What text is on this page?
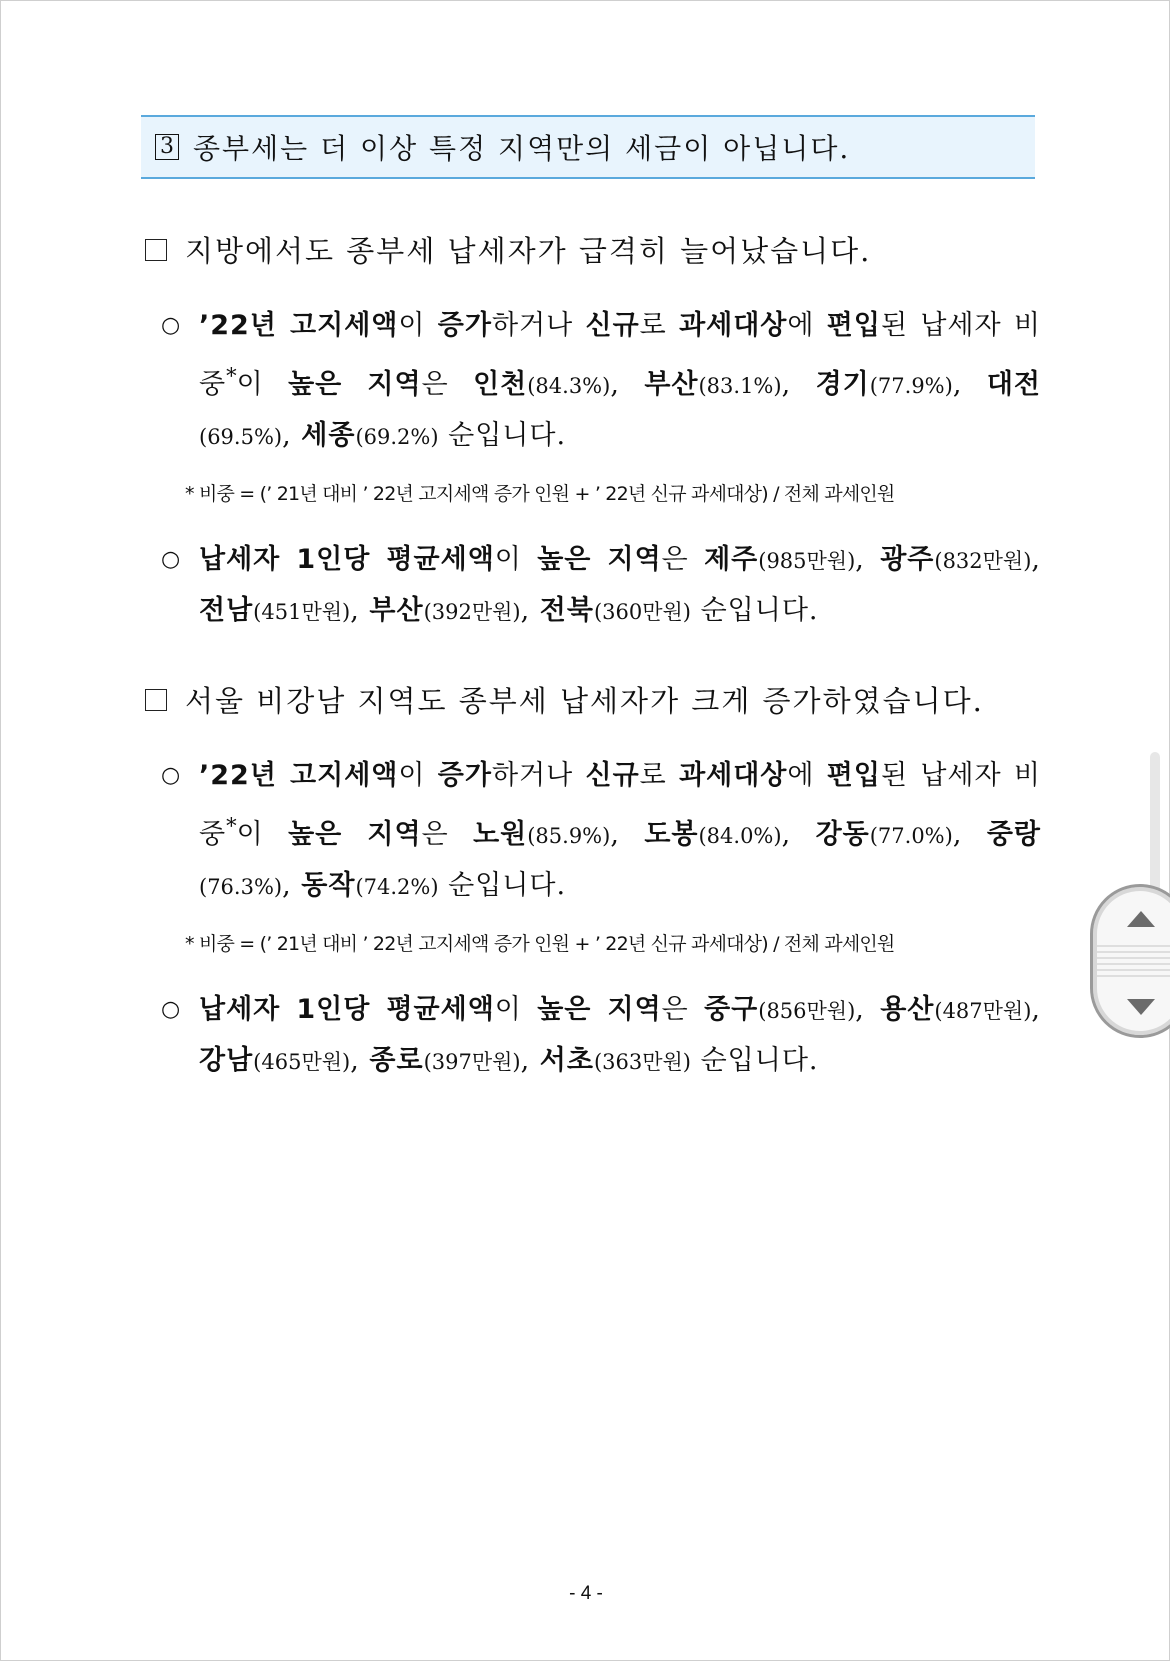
3 종부세는 더 이상 특정 지역만의 세금이 아닙니다.
지방에서도 종부세 납세자가 급격히 늘어났습니다.
○ ’22년 고지세액이 증가하거나 신규로 과세대상에 편입된 납세자 비중*이 높은 지역은 인천(84.3%), 부산(83.1%), 경기(77.9%), 대전(69.5%), 세종(69.2%) 순입니다.
* 비중 = (’ 21년 대비 ’ 22년 고지세액 증가 인원 + ’ 22년 신규 과세대상) / 전체 과세인원
○ 납세자 1인당 평균세액이 높은 지역은 제주(985만원), 광주(832만원), 전남(451만원), 부산(392만원), 전북(360만원) 순입니다.
서울 비강남 지역도 종부세 납세자가 크게 증가하였습니다.
○ ’22년 고지세액이 증가하거나 신규로 과세대상에 편입된 납세자 비중*이 높은 지역은 노원(85.9%), 도봉(84.0%), 강동(77.0%), 중랑(76.3%), 동작(74.2%) 순입니다.
* 비중 = (’ 21년 대비 ’ 22년 고지세액 증가 인원 + ’ 22년 신규 과세대상) / 전체 과세인원
○ 납세자 1인당 평균세액이 높은 지역은 중구(856만원), 용산(487만원), 강남(465만원), 종로(397만원), 서초(363만원) 순입니다.
- 4 -
